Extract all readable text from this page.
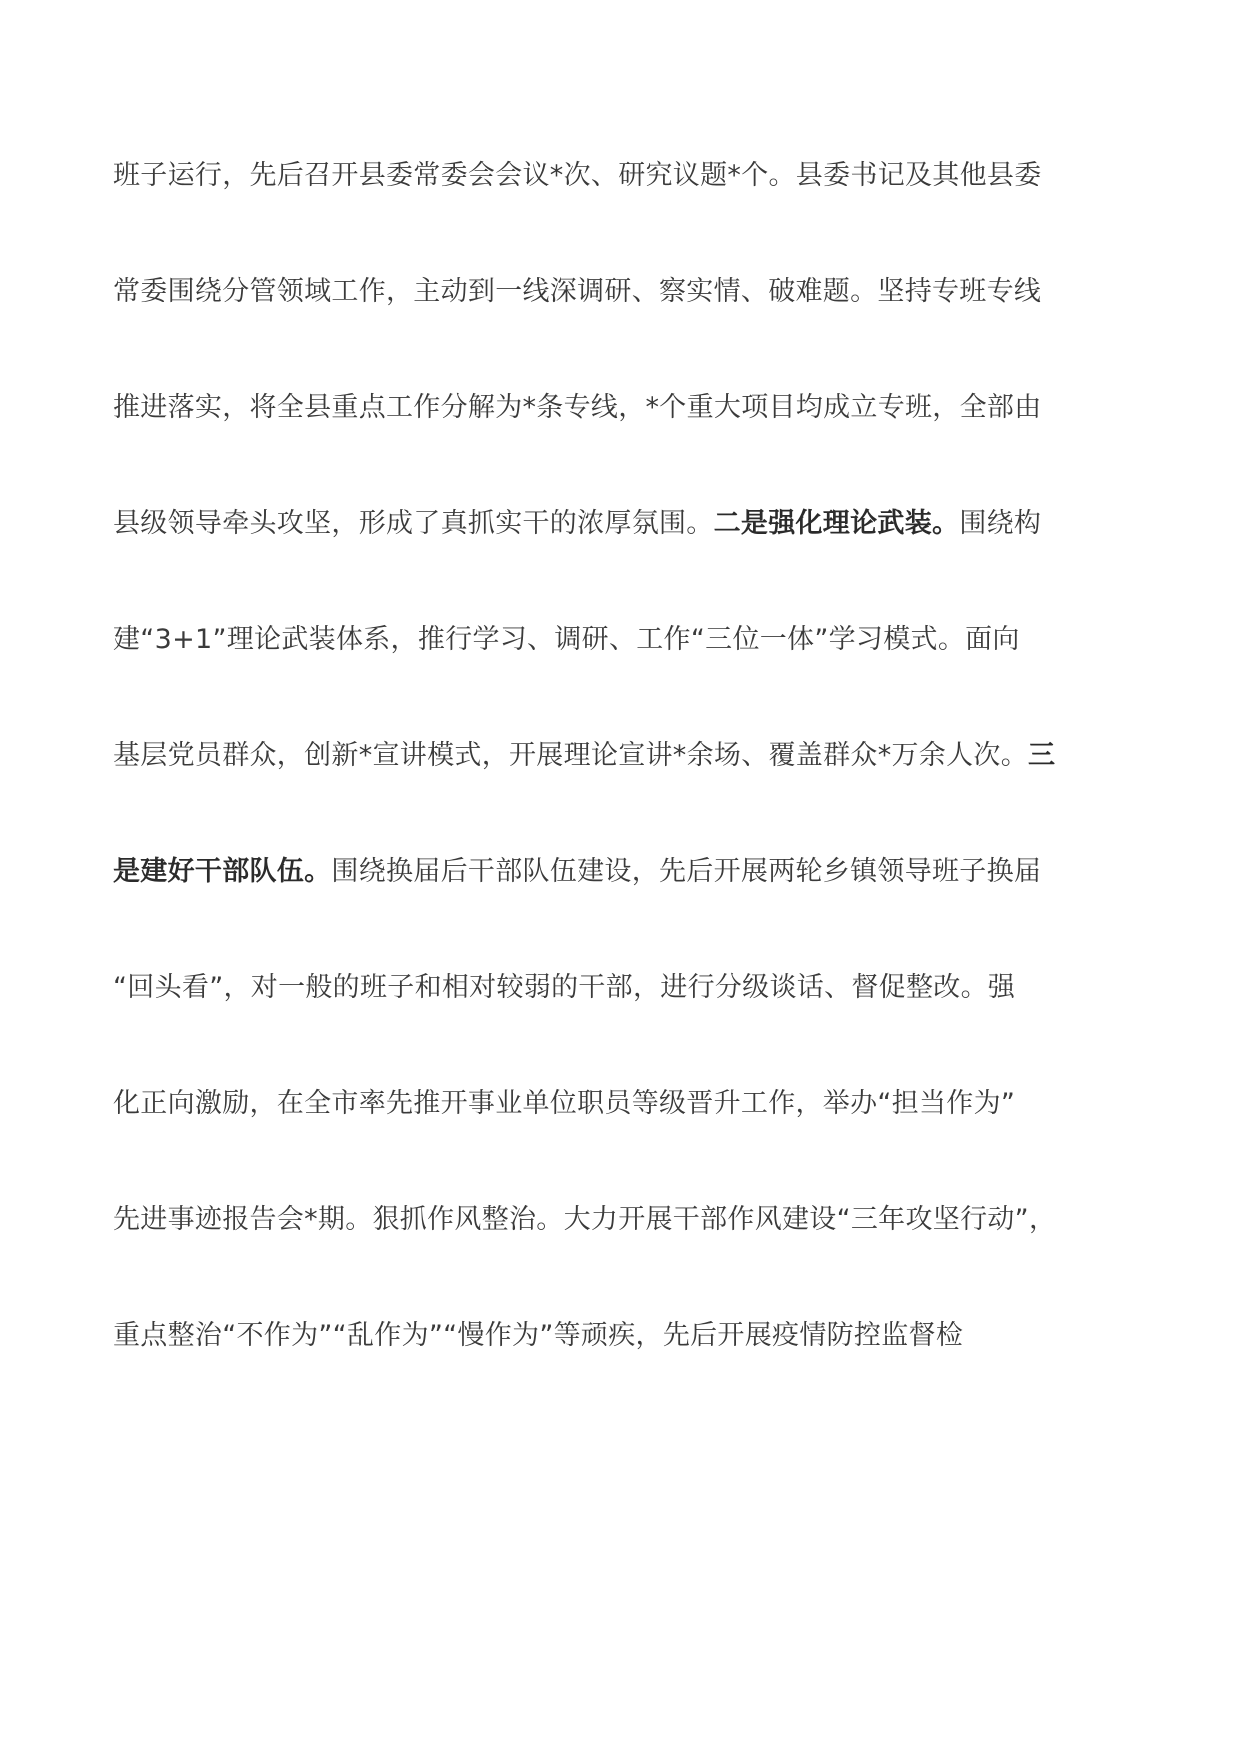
班子运行，先后召开县委常委会会议*次、研究议题*个。县委书记及其他县委
常委围绕分管领域工作，主动到一线深调研、察实情、破难题。坚持专班专线
推进落实，将全县重点工作分解为*条专线，*个重大项目均成立专班，全部由
县级领导牵头攻坚，形成了真抓实干的浓厚氛围。二是强化理论武装。围绕构
建“3+1”理论武装体系，推行学习、调研、工作“三位一体”学习模式。面向
基层党员群众，创新*宣讲模式，开展理论宣讲*余场、覆盖群众*万余人次。三
是建好干部队伍。围绕换届后干部队伍建设，先后开展两轮乡镇领导班子换届
“回头看”，对一般的班子和相对较弱的干部，进行分级谈话、督促整改。强
化正向激励，在全市率先推开事业单位职员等级晋升工作，举办“担当作为”
先进事迹报告会*期。狠抓作风整治。大力开展干部作风建设“三年攻坚行动”，
重点整治“不作为”“乱作为”“慢作为”等顽疾，先后开展疫情防控监督检
